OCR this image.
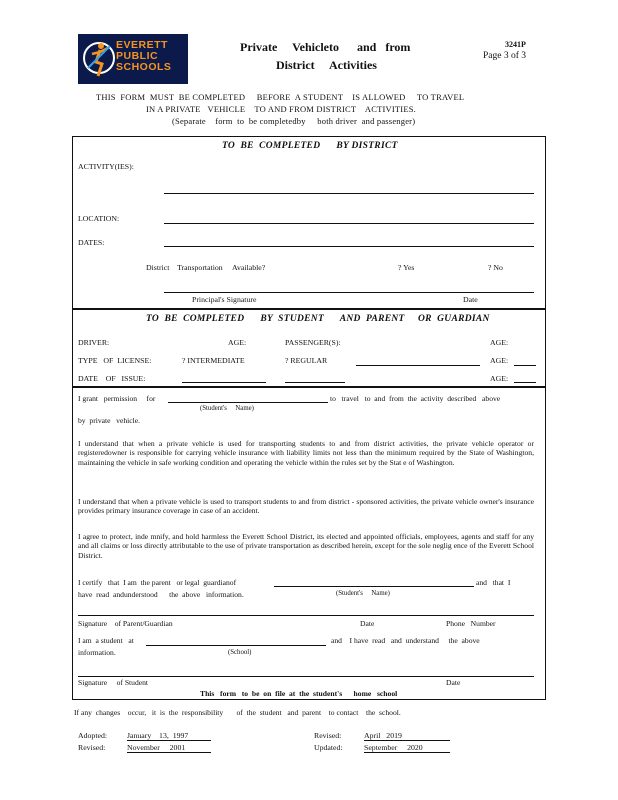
EVERETT
PUBLIC
SCHOOLS
Private     Vehicleto      and   from
District     Activities
3241P
Page 3 of 3
THIS  FORM  MUST  BE COMPLETED     BEFORE  A STUDENT    IS ALLOWED     TO TRAVEL
IN A PRIVATE   VEHICLE    TO AND FROM DISTRICT    ACTIVITIES.
(Separate    form  to  be completedby     both driver  and passenger)
TO  BE  COMPLETED      BY DISTRICT
ACTIVITY(IES):
LOCATION:
DATES:
District    Transportation     Available?	? Yes	? No
Principal's Signature	Date
TO  BE  COMPLETED      BY  STUDENT      AND  PARENT     OR  GUARDIAN
DRIVER:	AGE:	PASSENGER(S):	AGE:
TYPE   OF  LICENSE:	? INTERMEDIATE	? REGULAR	AGE:
DATE    OF   ISSUE:	AGE:
I grant   permission     for	to   travel   to  and  from  the  activity  described   above
(Student's     Name)
by  private   vehicle.
I understand that when a private vehicle is used for transporting students to and from district activities, the private vehicle operator or registeredowner is responsible for carrying vehicle insurance with liability limits not less than the minimum required by the State of Washington, maintaining the vehicle in safe working condition and operating the vehicle within the rules set by the Stat e of Washington.
I understand that when a private vehicle is used to transport students to and from district - sponsored activities, the private vehicle owner's insurance provides primary insurance coverage in case of an accident.
I agree to protect, inde mnify, and hold harmless the Everett School District, its elected and appointed officials, employees, agents and staff for any and all claims or loss directly attributable to the use of private transportation as described herein, except for the sole neglig ence of the Everett School District.
I certify   that  I am  the parent   or legal  guardianof	and   that  I
have  read  andunderstood      the  above   information.	(Student's     Name)
Signature    of Parent/Guardian	Date	Phone   Number
I am  a student   at	and    I have  read   and  understand     the  above
information.	(School)
Signature     of Student	Date
This   form   to  be  on  file  at  the  student's      home   school
If any  changes    occur,   it  is  the  responsibility       of  the  student   and  parent    to contact    the  school.
Adopted:	January    13,  1997
Revised:	November     2001
Revised:	April   2019
Updated:	September     2020
